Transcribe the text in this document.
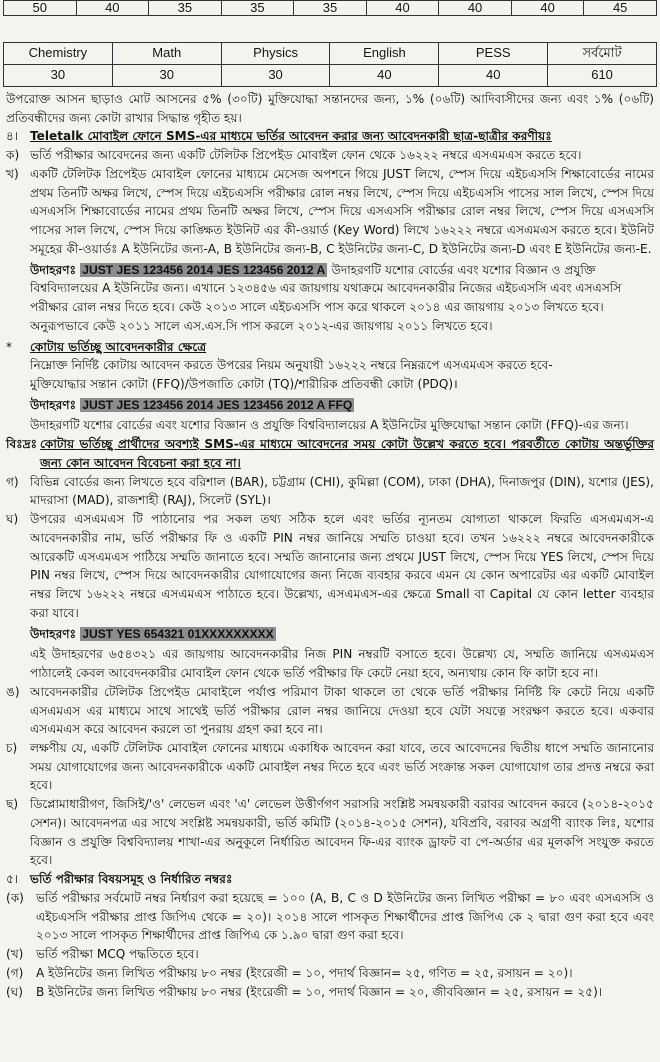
50	40	35	35	35	40	40	40	45
Chemistry	Math	Physics	English	PESS	সর্বমোট
30	30	30	40	40	610

উপরোক্ত আসন ছাড়াও মোট আসনের ৫% (৩০টি) মুক্তিযোদ্ধা সন্তানদের জন্য, ১% (০৬টি) আদিবাসীদের জন্য এবং ১% (০৬টি) প্রতিবন্ধীদের জন্য কোটা রাখার সিদ্ধান্ত গৃহীত হয়।

৪। Teletalk মোবাইল ফোনে SMS-এর মাধ্যমে ভর্তির আবেদন করার জন্য আবেদনকারী ছাত্র-ছাত্রীর করণীয়ঃ
ক) ভর্তি পরীক্ষার আবেদনের জন্য একটি টেলিটক প্রিপেইড মোবাইল ফোন থেকে ১৬২২২ নম্বরে এসএমএস করতে হবে।
খ) একটি টেলিটক প্রিপেইড মোবাইল ফোনের মাধ্যমে মেসেজ অপশনে গিয়ে JUST লিখে, স্পেস দিয়ে এইচএসসি শিক্ষাবোর্ডের নামের প্রথম তিনটি অক্ষর লিখে, স্পেস দিয়ে এইচএসসি পরীক্ষার রোল নম্বর লিখে, স্পেস দিয়ে এইচএসসি পাসের সাল লিখে, স্পেস দিয়ে এসএসসি শিক্ষাবোর্ডের নামের প্রথম তিনটি অক্ষর লিখে, স্পেস দিয়ে এসএসসি পরীক্ষার রোল নম্বর লিখে, স্পেস দিয়ে এসএসসি পাসের সাল লিখে, স্পেস দিয়ে কাঙ্ক্ষিত ইউনিট এর কী-ওয়ার্ড (Key Word) লিখে ১৬২২২ নম্বরে এসএমএস করতে হবে। ইউনিট সমূহের কী-ওয়ার্ডঃ A ইউনিটের জন্য-A, B ইউনিটের জন্য-B, C ইউনিটের জন্য-C, D ইউনিটের জন্য-D এবং E ইউনিটের জন্য-E.
উদাহরণঃ JUST JES 123456 2014 JES 123456 2012 A উদাহরণটি যশোর বোর্ডের এবং যশোর বিজ্ঞান ও প্রযুক্তি বিশ্ববিদ্যালয়ের A ইউনিটের জন্য। এখানে ১২৩৪৫৬ এর জায়গায় যথাক্রমে আবেদনকারীর নিজের এইচএসসি এবং এসএসসি পরীক্ষার রোল নম্বর দিতে হবে। কেউ ২০১৩ সালে এইচএসসি পাস করে থাকলে ২০১৪ এর জায়গায় ২০১৩ লিখতে হবে। অনুরূপভাবে কেউ ২০১১ সালে এস.এস.সি পাস করলে ২০১২-এর জায়গায় ২০১১ লিখতে হবে।
*	কোটায় ভর্তিচ্ছু আবেদনকারীর ক্ষেত্রে

নিম্নোক্ত নির্দিষ্ট কোটায় আবেদন করতে উপরের নিয়ম অনুযায়ী ১৬২২২ নম্বরে নিম্নরূপে এসএমএস করতে হবে-

মুক্তিযোদ্ধার সন্তান কোটা (FFQ)/উপজাতি কোটা (TQ)/শারীরিক প্রতিবন্ধী কোটা (PDQ)।

উদাহরণঃ JUST JES 123456 2014 JES 123456 2012 A FFQ

উদাহরণটি যশোর বোর্ডের এবং যশোর বিজ্ঞান ও প্রযুক্তি বিশ্ববিদ্যালয়ের A ইউনিটের মুক্তিযোদ্ধা সন্তান কোটা (FFQ)-এর জন্য।

বিঃদ্রঃ কোটায় ভর্তিচ্ছু প্রার্থীদের অবশ্যই SMS-এর মাধ্যমে আবেদনের সময় কোটা উল্লেখ করতে হবে। পরবর্তীতে কোটায় অন্তর্ভুক্তির জন্য কোন আবেদন বিবেচনা করা হবে না।
গ) বিভিন্ন বোর্ডের জন্য লিখতে হবে বরিশাল (BAR), চট্টগ্রাম (CHI), কুমিল্লা (COM), ঢাকা (DHA), দিনাজপুর (DIN), যশোর (JES), মাদরাসা (MAD), রাজশাহী (RAJ), সিলেট (SYL)।
ঘ) উপরের এসএমএস টি পাঠানোর পর সকল তথ্য সঠিক হলে এবং ভর্তির ন্যূনতম যোগ্যতা থাকলে ফিরতি এসএমএস-এ আবেদনকারীর নাম, ভর্তি পরীক্ষার ফি ও একটি PIN নম্বর জানিয়ে সম্মতি চাওয়া হবে। তখন ১৬২২২ নম্বরে আবেদনকারীকে আরেকটি এসএমএস পাঠিয়ে সম্মতি জানাতে হবে। সম্মতি জানানোর জন্য প্রথমে JUST লিখে, স্পেস দিয়ে YES লিখে, স্পেস দিয়ে PIN নম্বর লিখে, স্পেস দিয়ে আবেদনকারীর যোগাযোগের জন্য নিজে ব্যবহার করবে এমন যে কোন অপারেটর এর একটি মোবাইল নম্বর লিখে ১৬২২২ নম্বরে এসএমএস পাঠাতে হবে। উল্লেখ্য, এসএমএস-এর ক্ষেত্রে Small বা Capital যে কোন letter ব্যবহার করা যাবে।
উদাহরণঃ JUST YES 654321 01XXXXXXXXX

এই উদাহরণের ৬৫৪৩২১ এর জায়গায় আবেদনকারীর নিজ PIN নম্বরটি বসাতে হবে। উল্লেখ্য যে, সম্মতি জানিয়ে এসএমএস পাঠালেই কেবল আবেদনকারীর মোবাইল ফোন থেকে ভর্তি পরীক্ষার ফি কেটে নেয়া হবে, অন্যথায় কোন ফি কাটা হবে না।

ঙ) আবেদনকারীর টেলিটক প্রিপেইড মোবাইলে পর্যাপ্ত পরিমাণ টাকা থাকলে তা থেকে ভর্তি পরীক্ষার নির্দিষ্ট ফি কেটে নিয়ে একটি এসএমএস এর মাধ্যমে সাথে সাথেই ভর্তি পরীক্ষার রোল নম্বর জানিয়ে দেওয়া হবে যেটা সযত্নে সংরক্ষণ করতে হবে। একবার এসএমএস করে আবেদন করলে তা পুনরায় গ্রহণ করা হবে না।
চ)	লক্ষণীয় যে, একটি টেলিটক মোবাইল ফোনের মাধ্যমে একাধিক আবেদন করা যাবে, তবে আবেদনের দ্বিতীয় ধাপে সম্মতি জানানোর সময় যোগাযোগের জন্য আবেদনকারীকে একটি মোবাইল নম্বর দিতে হবে এবং ভর্তি সংক্রান্ত সকল যোগাযোগ তার প্রদত্ত নম্বরে করা হবে।
ছ) ডিপ্লোমাধারীগণ, জিসিই/'ও' লেভেল এবং 'এ' লেভেল উত্তীর্ণগণ সরাসরি সংশ্লিষ্ট সমন্বয়কারী বরাবর আবেদন করবে (২০১৪-২০১৫ সেশন)। আবেদনপত্র এর সাথে সংশ্লিষ্ট সমন্বয়কারী, ভর্তি কমিটি (২০১৪-২০১৫ সেশন), যবিপ্রবি, বরাবর অগ্রণী ব্যাংক লিঃ, যশোর বিজ্ঞান ও প্রযুক্তি বিশ্ববিদ্যালয় শাখা-এর অনুকূলে নির্ধারিত আবেদন ফি-এর ব্যাংক ড্রাফট বা পে-অর্ডার এর মূলকপি সংযুক্ত করতে হবে।
৫। ভর্তি পরীক্ষার বিষয়সমূহ ও নির্ধারিত নম্বরঃ
(ক) ভর্তি পরীক্ষার সর্বমোট নম্বর নির্ধারণ করা হয়েছে = ১০০ (A, B, C ও D ইউনিটের জন্য লিখিত পরীক্ষা = ৮০ এবং এসএসসি ও এইচএসসি পরীক্ষার প্রাপ্ত জিপিএ থেকে = ২০)। ২০১৪ সালে পাসকৃত শিক্ষার্থীদের প্রাপ্ত জিপিএ কে ২ দ্বারা গুণ করা হবে এবং ২০১৩ সালে পাসকৃত শিক্ষার্থীদের প্রাপ্ত জিপিএ কে ১.৯০ দ্বারা গুণ করা হবে।
(খ)	ভর্তি পরীক্ষা MCQ পদ্ধতিতে হবে।
(গ)	A ইউনিটের জন্য লিখিত পরীক্ষায় ৮০ নম্বর (ইংরেজী = ১০, পদার্থ বিজ্ঞান= ২৫, গণিত = ২৫, রসায়ন = ২০)।
(ঘ)	B ইউনিটের জন্য লিখিত পরীক্ষায় ৮০ নম্বর (ইংরেজী = ১০, পদার্থ বিজ্ঞান = ২০, জীববিজ্ঞান = ২৫, রসায়ন = ২৫)।
